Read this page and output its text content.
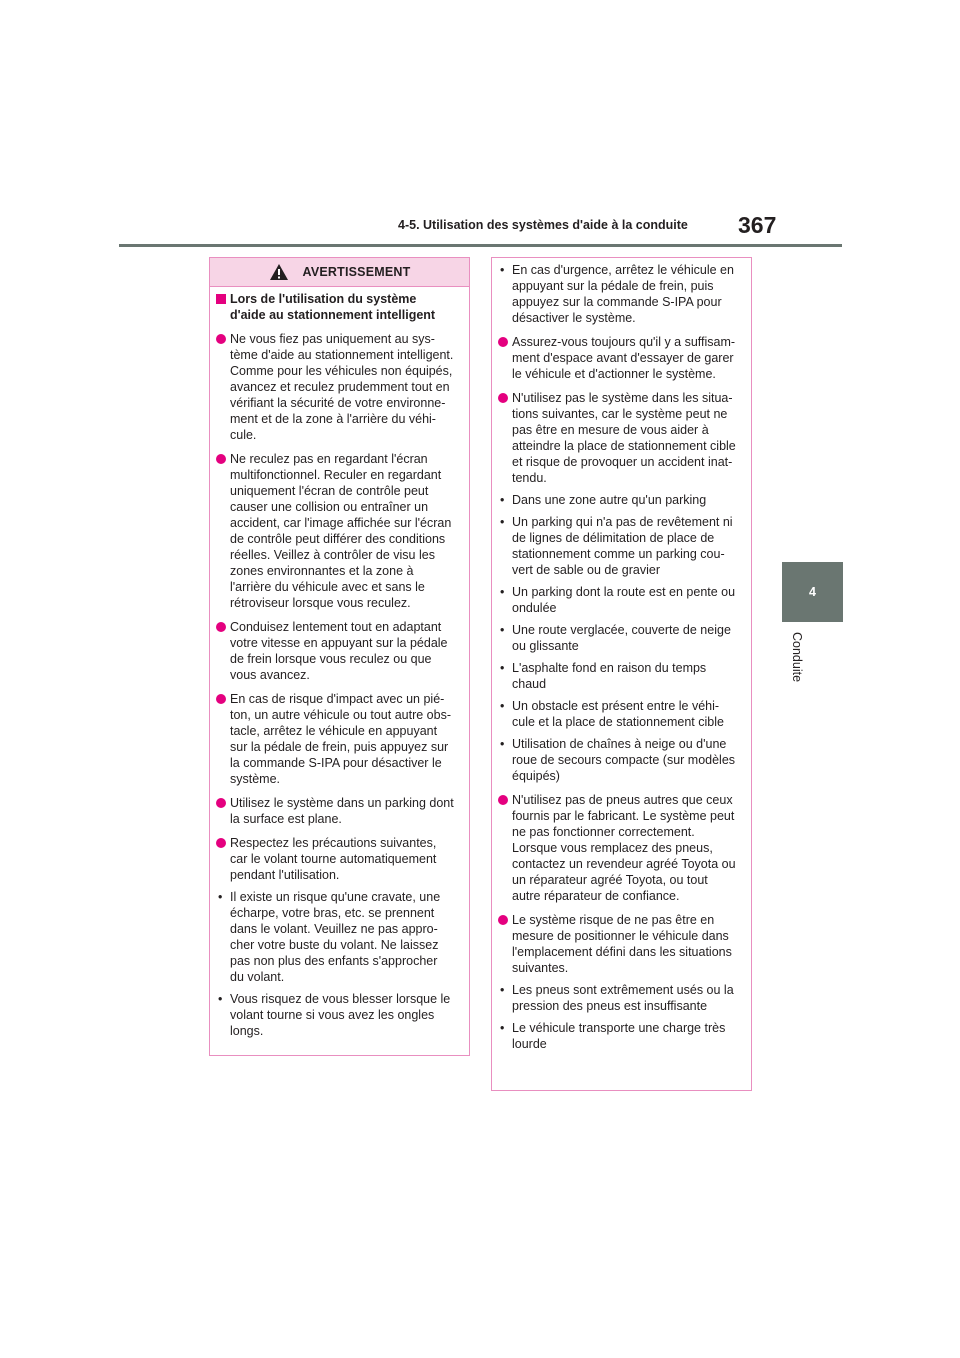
4-5. Utilisation des systèmes d'aide à la conduite 367
4
Conduite
AVERTISSEMENT
Lors de l'utilisation du système
d'aide au stationnement intelligent
Ne vous fiez pas uniquement au sys-
tème d'aide au stationnement intelligent.
Comme pour les véhicules non équipés,
avancez et reculez prudemment tout en
vérifiant la sécurité de votre environne-
ment et de la zone à l'arrière du véhi-
cule.
Ne reculez pas en regardant l'écran
multifonctionnel. Reculer en regardant
uniquement l'écran de contrôle peut
causer une collision ou entraîner un
accident, car l'image affichée sur l'écran
de contrôle peut différer des conditions
réelles. Veillez à contrôler de visu les
zones environnantes et la zone à
l'arrière du véhicule avec et sans le
rétroviseur lorsque vous reculez.
Conduisez lentement tout en adaptant
votre vitesse en appuyant sur la pédale
de frein lorsque vous reculez ou que
vous avancez.
En cas de risque d'impact avec un pié-
ton, un autre véhicule ou tout autre obs-
tacle, arrêtez le véhicule en appuyant
sur la pédale de frein, puis appuyez sur
la commande S-IPA pour désactiver le
système.
Utilisez le système dans un parking dont
la surface est plane.
Respectez les précautions suivantes,
car le volant tourne automatiquement
pendant l'utilisation.
• Il existe un risque qu'une cravate, une
écharpe, votre bras, etc. se prennent
dans le volant. Veuillez ne pas appro-
cher votre buste du volant. Ne laissez
pas non plus des enfants s'approcher
du volant.
• Vous risquez de vous blesser lorsque le
volant tourne si vous avez les ongles
longs.
• En cas d'urgence, arrêtez le véhicule en
appuyant sur la pédale de frein, puis
appuyez sur la commande S-IPA pour
désactiver le système.
Assurez-vous toujours qu'il y a suffisam-
ment d'espace avant d'essayer de garer
le véhicule et d'actionner le système.
N'utilisez pas le système dans les situa-
tions suivantes, car le système peut ne
pas être en mesure de vous aider à
atteindre la place de stationnement cible
et risque de provoquer un accident inat-
tendu.
• Dans une zone autre qu'un parking
• Un parking qui n'a pas de revêtement ni
de lignes de délimitation de place de
stationnement comme un parking cou-
vert de sable ou de gravier
• Un parking dont la route est en pente ou
ondulée
• Une route verglacée, couverte de neige
ou glissante
• L'asphalte fond en raison du temps
chaud
• Un obstacle est présent entre le véhi-
cule et la place de stationnement cible
• Utilisation de chaînes à neige ou d'une
roue de secours compacte (sur modèles
équipés)
N'utilisez pas de pneus autres que ceux
fournis par le fabricant. Le système peut
ne pas fonctionner correctement.
Lorsque vous remplacez des pneus,
contactez un revendeur agréé Toyota ou
un réparateur agréé Toyota, ou tout
autre réparateur de confiance.
Le système risque de ne pas être en
mesure de positionner le véhicule dans
l'emplacement défini dans les situations
suivantes.
• Les pneus sont extrêmement usés ou la
pression des pneus est insuffisante
• Le véhicule transporte une charge très
lourde
